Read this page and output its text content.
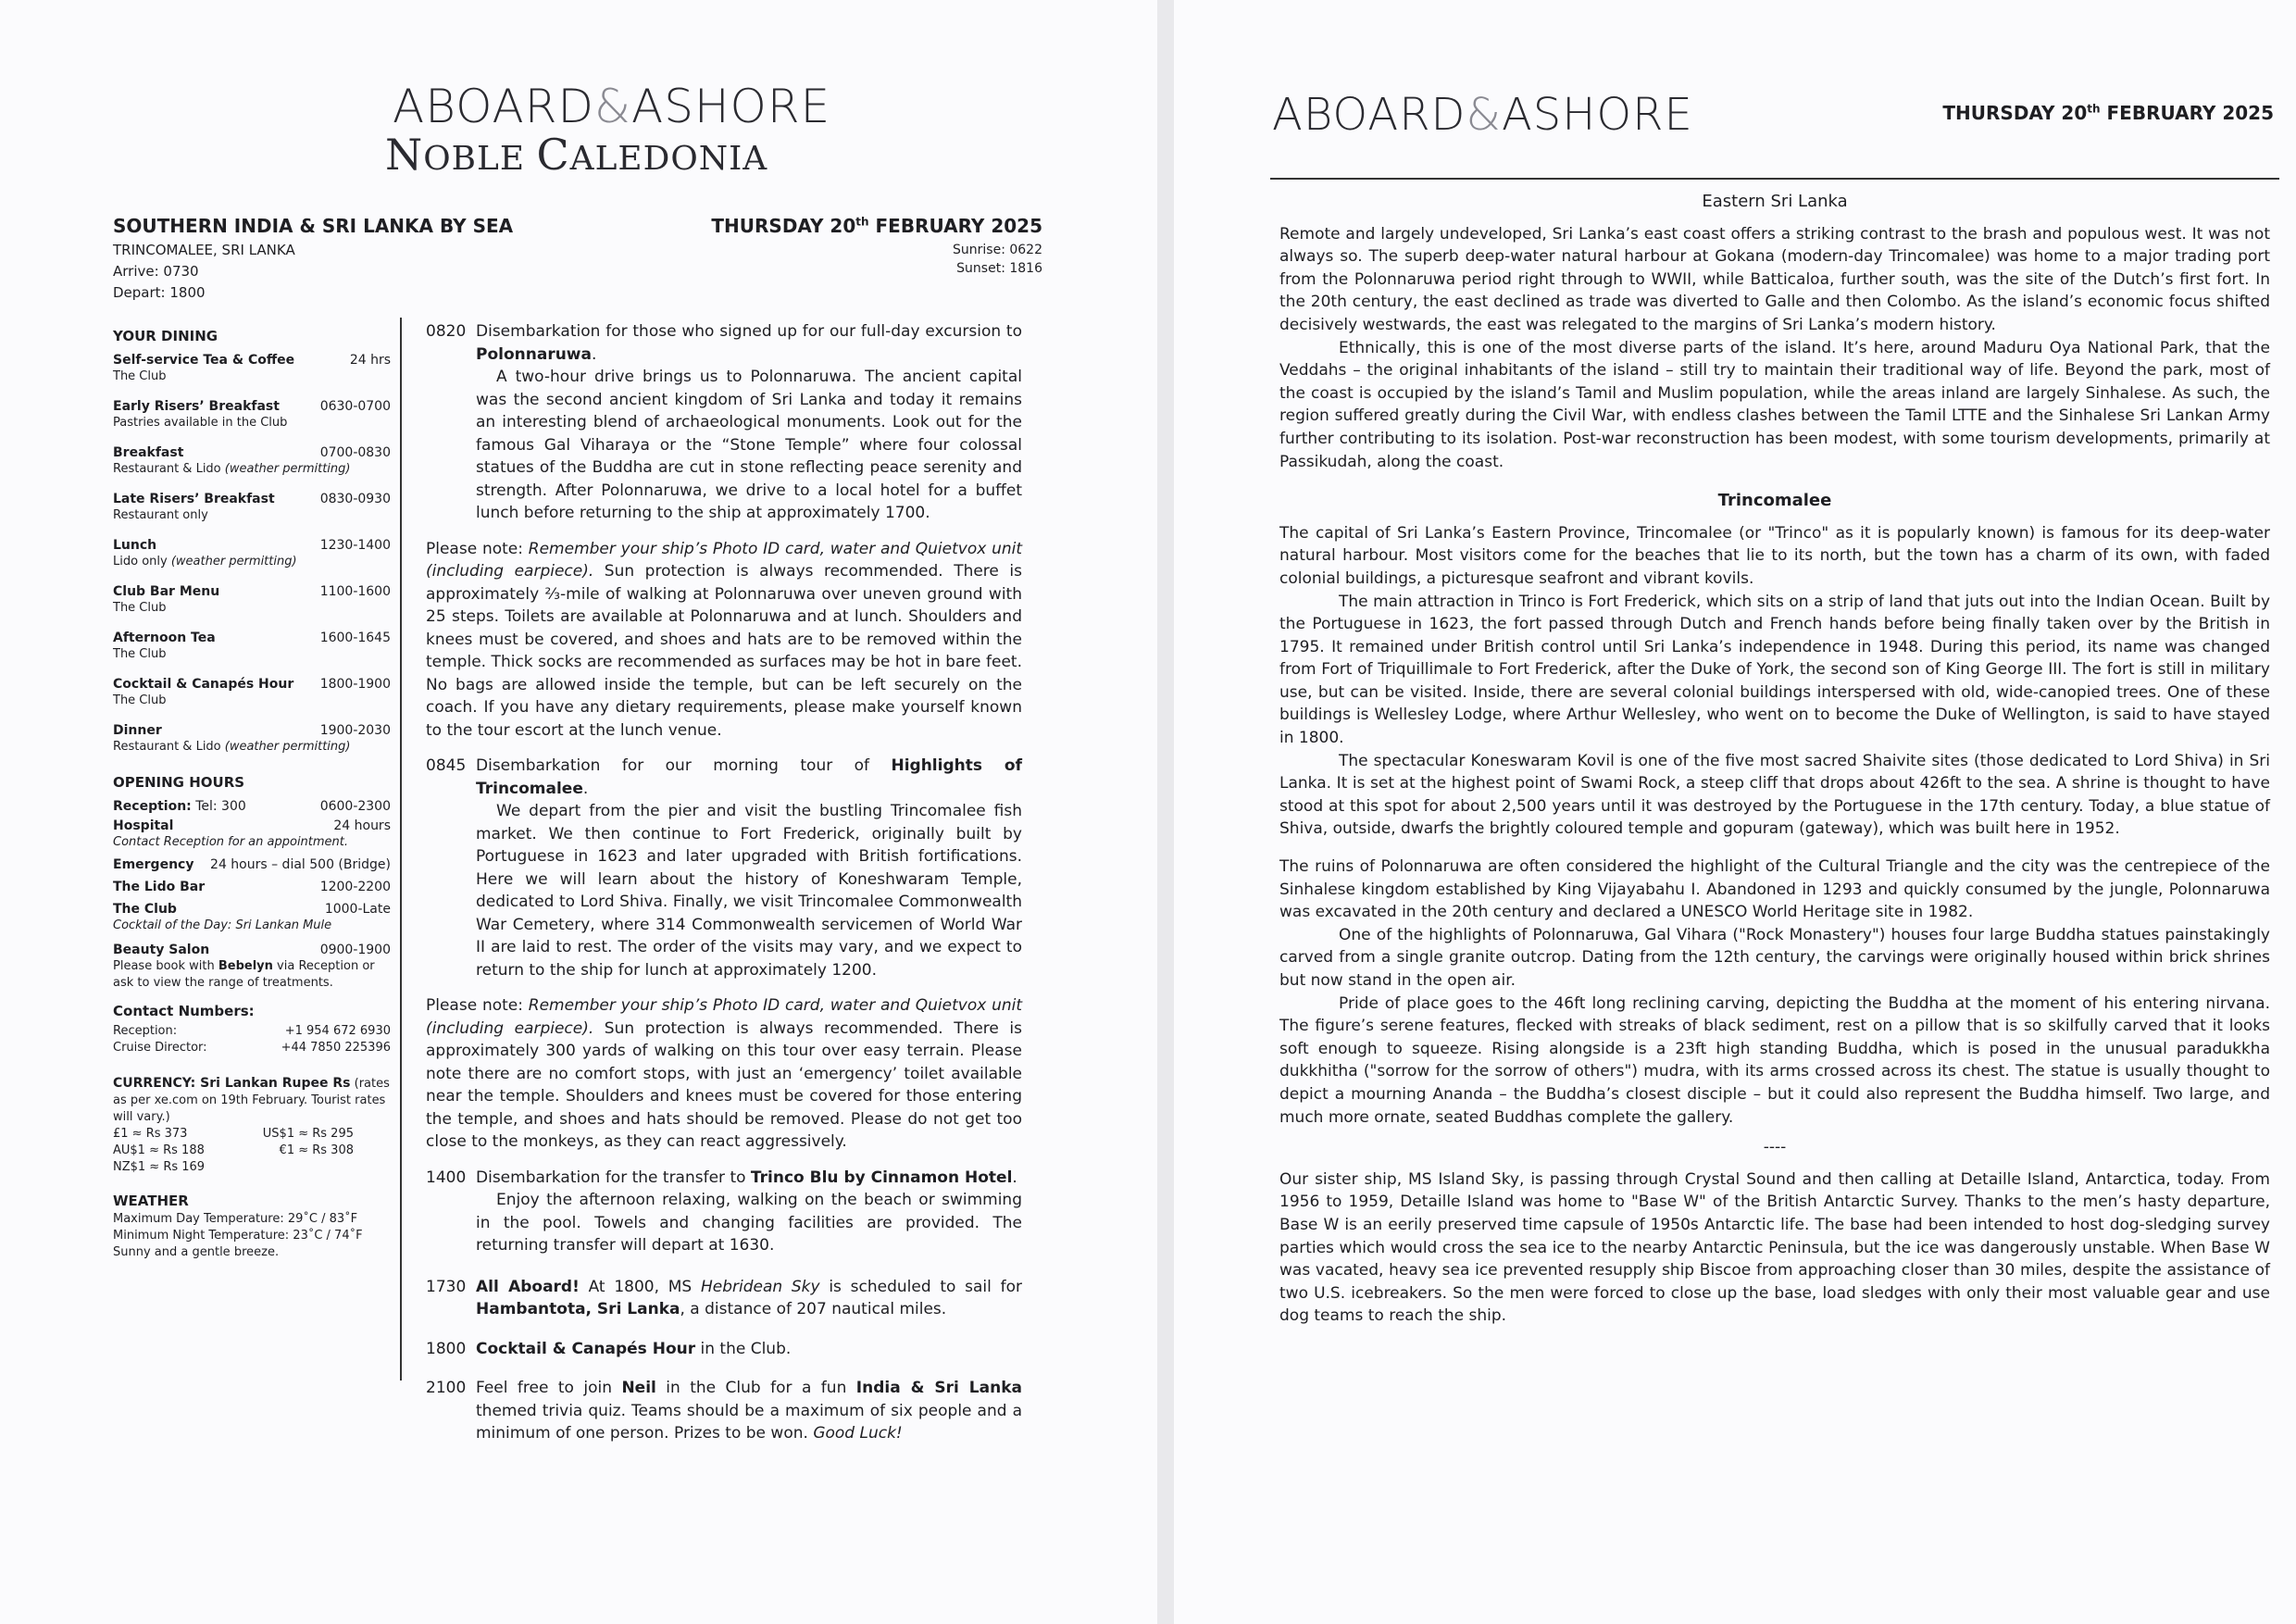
ABOARD&ASHORE
NOBLE CALEDONIA
SOUTHERN INDIA & SRI LANKA BY SEA
TRINCOMALEE, SRI LANKA
Arrive: 0730
Depart: 1800
THURSDAY 20th FEBRUARY 2025
Sunrise: 0622
Sunset: 1816
YOUR DINING
Self-service Tea & Coffee	24 hrs
The Club
Early Risers’ Breakfast	0630-0700
Pastries available in the Club
Breakfast	0700-0830
Restaurant & Lido (weather permitting)
Late Risers’ Breakfast	0830-0930
Restaurant only
Lunch	1230-1400
Lido only (weather permitting)
Club Bar Menu	1100-1600
The Club
Afternoon Tea	1600-1645
The Club
Cocktail & Canapés Hour 1800-1900
The Club
Dinner	1900-2030
Restaurant & Lido (weather permitting)
OPENING HOURS
Reception: Tel: 300	0600-2300
Hospital	24 hours
Contact Reception for an appointment.
Emergency 24 hours – dial 500 (Bridge)
The Lido Bar	1200-2200
The Club	1000-Late
Cocktail of the Day: Sri Lankan Mule
Beauty Salon	0900-1900
Please book with Bebelyn via Reception or ask to view the range of treatments.
Contact Numbers:
Reception:	+1 954 672 6930
Cruise Director:	+44 7850 225396
CURRENCY: Sri Lankan Rupee Rs (rates as per xe.com on 19th February. Tourist rates will vary.)
£1 ≈ Rs 373	US$1 ≈ Rs 295
AU$1 ≈ Rs 188	€1 ≈ Rs 308
NZ$1 ≈ Rs 169
WEATHER
Maximum Day Temperature: 29˚C / 83˚F
Minimum Night Temperature: 23˚C / 74˚F
Sunny and a gentle breeze.
0820 Disembarkation for those who signed up for our full-day excursion to Polonnaruwa.

A two-hour drive brings us to Polonnaruwa. The ancient capital was the second ancient kingdom of Sri Lanka and today it remains an interesting blend of archaeological monuments. Look out for the famous Gal Viharaya or the “Stone Temple” where four colossal statues of the Buddha are cut in stone reflecting peace serenity and strength. After Polonnaruwa, we drive to a local hotel for a buffet lunch before returning to the ship at approximately 1700.

Please note: Remember your ship’s Photo ID card, water and Quietvox unit (including earpiece). Sun protection is always recommended. There is approximately ⅔-mile of walking at Polonnaruwa over uneven ground with 25 steps. Toilets are available at Polonnaruwa and at lunch. Shoulders and knees must be covered, and shoes and hats are to be removed within the temple. Thick socks are recommended as surfaces may be hot in bare feet. No bags are allowed inside the temple, but can be left securely on the coach. If you have any dietary requirements, please make yourself known to the tour escort at the lunch venue.

0845 Disembarkation for our morning tour of Highlights of Trincomalee.

We depart from the pier and visit the bustling Trincomalee fish market. We then continue to Fort Frederick, originally built by Portuguese in 1623 and later upgraded with British fortifications. Here we will learn about the history of Koneshwaram Temple, dedicated to Lord Shiva. Finally, we visit Trincomalee Commonwealth War Cemetery, where 314 Commonwealth servicemen of World War II are laid to rest. The order of the visits may vary, and we expect to return to the ship for lunch at approximately 1200.

Please note: Remember your ship’s Photo ID card, water and Quietvox unit (including earpiece). Sun protection is always recommended. There is approximately 300 yards of walking on this tour over easy terrain. Please note there are no comfort stops, with just an ‘emergency’ toilet available near the temple. Shoulders and knees must be covered for those entering the temple, and shoes and hats should be removed. Please do not get too close to the monkeys, as they can react aggressively.

1400 Disembarkation for the transfer to Trinco Blu by Cinnamon Hotel.

Enjoy the afternoon relaxing, walking on the beach or swimming in the pool. Towels and changing facilities are provided. The returning transfer will depart at 1630.

1730 All Aboard! At 1800, MS Hebridean Sky is scheduled to sail for Hambantota, Sri Lanka, a distance of 207 nautical miles.

1800 Cocktail & Canapés Hour in the Club.

2100 Feel free to join Neil in the Club for a fun India & Sri Lanka themed trivia quiz. Teams should be a maximum of six people and a minimum of one person. Prizes to be won. Good Luck!

ABOARD&ASHORE	THURSDAY 20th FEBRUARY 2025
Eastern Sri Lanka

Remote and largely undeveloped, Sri Lanka’s east coast offers a striking contrast to the brash and populous west. It was not always so. The superb deep-water natural harbour at Gokana (modern-day Trincomalee) was home to a major trading port from the Polonnaruwa period right through to WWII, while Batticaloa, further south, was the site of the Dutch’s first fort. In the 20th century, the east declined as trade was diverted to Galle and then Colombo. As the island’s economic focus shifted decisively westwards, the east was relegated to the margins of Sri Lanka’s modern history.

Ethnically, this is one of the most diverse parts of the island. It’s here, around Maduru Oya National Park, that the Veddahs – the original inhabitants of the island – still try to maintain their traditional way of life. Beyond the park, most of the coast is occupied by the island’s Tamil and Muslim population, while the areas inland are largely Sinhalese. As such, the region suffered greatly during the Civil War, with endless clashes between the Tamil LTTE and the Sinhalese Sri Lankan Army further contributing to its isolation. Post-war reconstruction has been modest, with some tourism developments, primarily at Passikudah, along the coast.

Trincomalee

The capital of Sri Lanka’s Eastern Province, Trincomalee (or "Trinco" as it is popularly known) is famous for its deep-water natural harbour. Most visitors come for the beaches that lie to its north, but the town has a charm of its own, with faded colonial buildings, a picturesque seafront and vibrant kovils.

The main attraction in Trinco is Fort Frederick, which sits on a strip of land that juts out into the Indian Ocean. Built by the Portuguese in 1623, the fort passed through Dutch and French hands before being finally taken over by the British in 1795. It remained under British control until Sri Lanka’s independence in 1948. During this period, its name was changed from Fort of Triquillimale to Fort Frederick, after the Duke of York, the second son of King George III. The fort is still in military use, but can be visited. Inside, there are several colonial buildings interspersed with old, wide-canopied trees. One of these buildings is Wellesley Lodge, where Arthur Wellesley, who went on to become the Duke of Wellington, is said to have stayed in 1800.

The spectacular Koneswaram Kovil is one of the five most sacred Shaivite sites (those dedicated to Lord Shiva) in Sri Lanka. It is set at the highest point of Swami Rock, a steep cliff that drops about 426ft to the sea. A shrine is thought to have stood at this spot for about 2,500 years until it was destroyed by the Portuguese in the 17th century. Today, a blue statue of Shiva, outside, dwarfs the brightly coloured temple and gopuram (gateway), which was built here in 1952.

The ruins of Polonnaruwa are often considered the highlight of the Cultural Triangle and the city was the centrepiece of the Sinhalese kingdom established by King Vijayabahu I. Abandoned in 1293 and quickly consumed by the jungle, Polonnaruwa was excavated in the 20th century and declared a UNESCO World Heritage site in 1982.

One of the highlights of Polonnaruwa, Gal Vihara ("Rock Monastery") houses four large Buddha statues painstakingly carved from a single granite outcrop. Dating from the 12th century, the carvings were originally housed within brick shrines but now stand in the open air.

Pride of place goes to the 46ft long reclining carving, depicting the Buddha at the moment of his entering nirvana. The figure’s serene features, flecked with streaks of black sediment, rest on a pillow that is so skilfully carved that it looks soft enough to squeeze. Rising alongside is a 23ft high standing Buddha, which is posed in the unusual paradukkha dukkhitha ("sorrow for the sorrow of others") mudra, with its arms crossed across its chest. The statue is usually thought to depict a mourning Ananda – the Buddha’s closest disciple – but it could also represent the Buddha himself. Two large, and much more ornate, seated Buddhas complete the gallery.

----

Our sister ship, MS Island Sky, is passing through Crystal Sound and then calling at Detaille Island, Antarctica, today. From 1956 to 1959, Detaille Island was home to "Base W" of the British Antarctic Survey. Thanks to the men’s hasty departure, Base W is an eerily preserved time capsule of 1950s Antarctic life. The base had been intended to host dog-sledging survey parties which would cross the sea ice to the nearby Antarctic Peninsula, but the ice was dangerously unstable. When Base W was vacated, heavy sea ice prevented resupply ship Biscoe from approaching closer than 30 miles, despite the assistance of two U.S. icebreakers. So the men were forced to close up the base, load sledges with only their most valuable gear and use dog teams to reach the ship.
